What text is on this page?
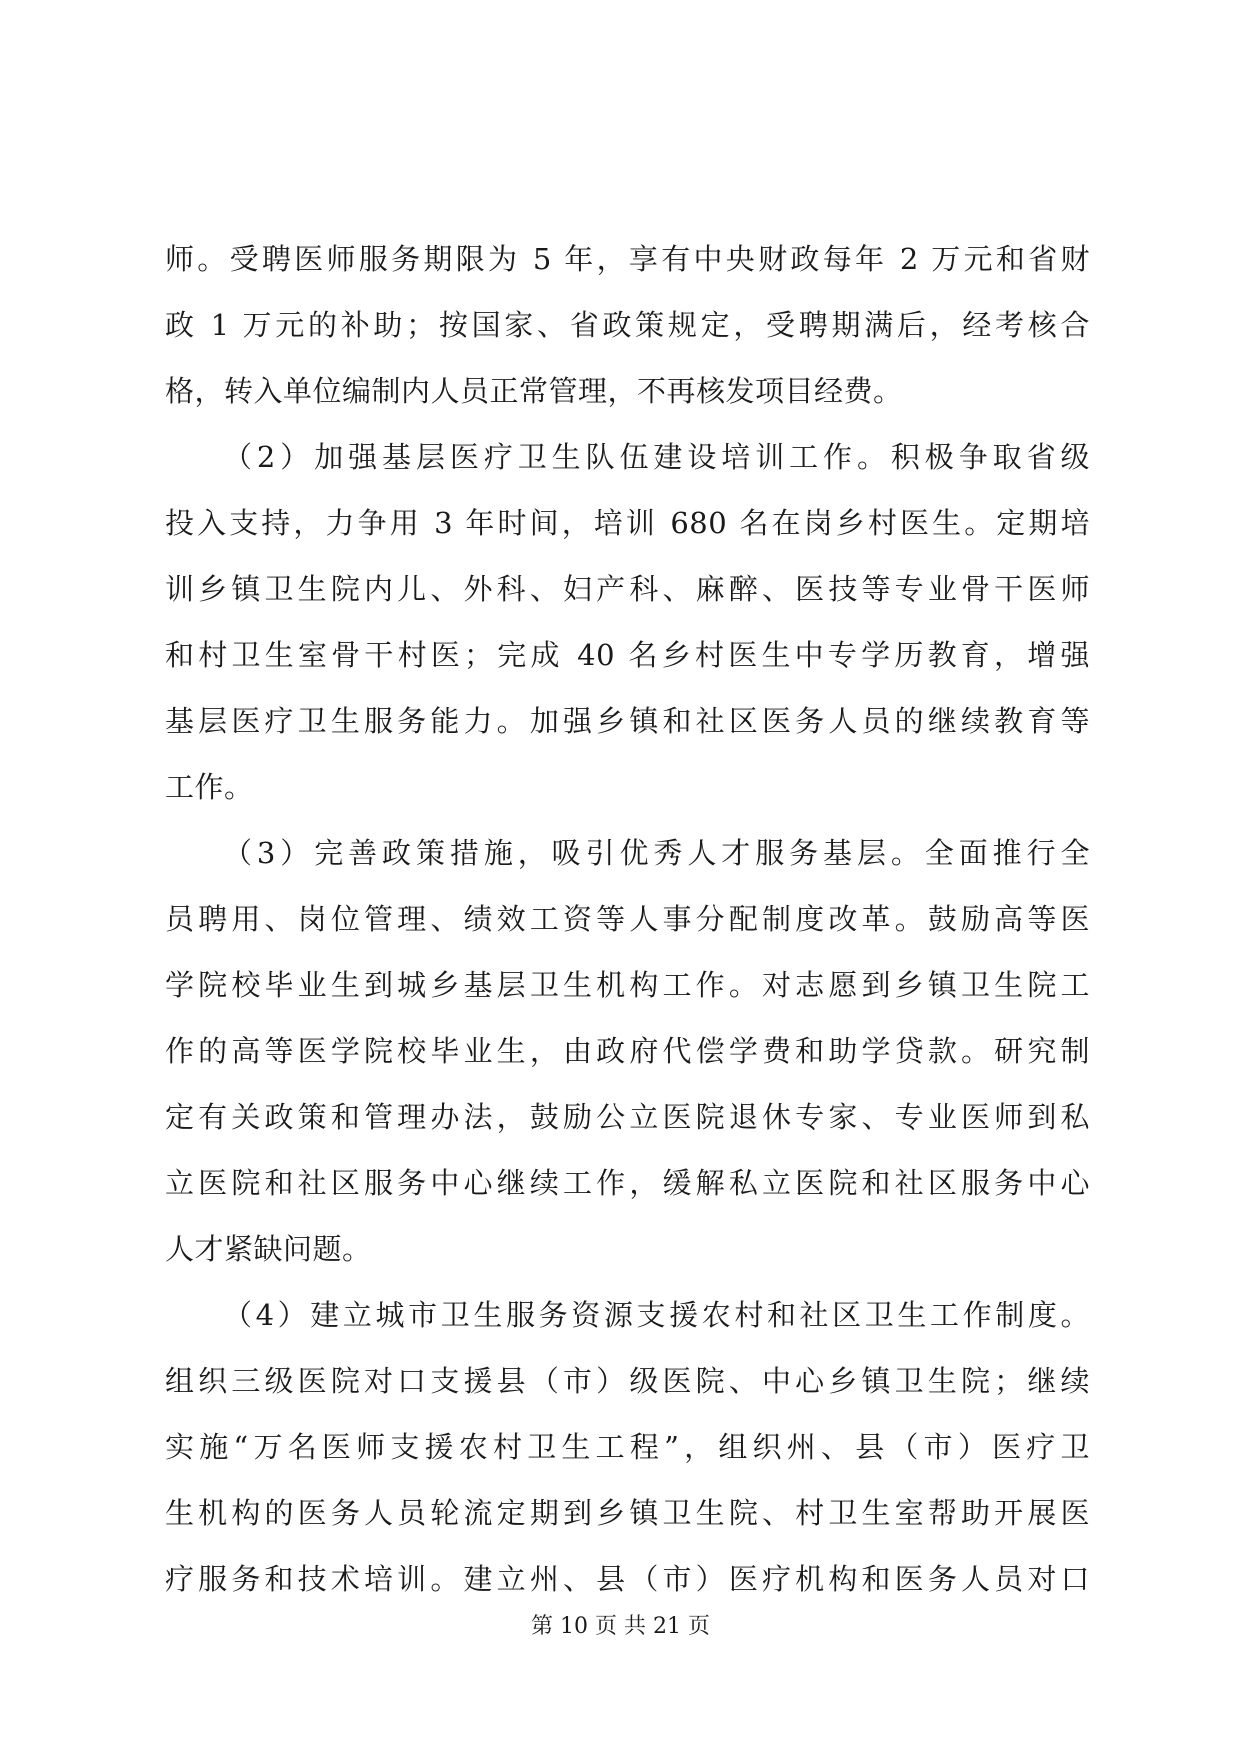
师。受聘医师服务期限为 5 年，享有中央财政每年 2 万元和省财
政 1 万元的补助；按国家、省政策规定，受聘期满后，经考核合
格，转入单位编制内人员正常管理，不再核发项目经费。
（2）加强基层医疗卫生队伍建设培训工作。积极争取省级
投入支持，力争用 3 年时间，培训 680 名在岗乡村医生。定期培
训乡镇卫生院内儿、外科、妇产科、麻醉、医技等专业骨干医师
和村卫生室骨干村医；完成 40 名乡村医生中专学历教育，增强
基层医疗卫生服务能力。加强乡镇和社区医务人员的继续教育等
工作。
（3）完善政策措施，吸引优秀人才服务基层。全面推行全
员聘用、岗位管理、绩效工资等人事分配制度改革。鼓励高等医
学院校毕业生到城乡基层卫生机构工作。对志愿到乡镇卫生院工
作的高等医学院校毕业生，由政府代偿学费和助学贷款。研究制
定有关政策和管理办法，鼓励公立医院退休专家、专业医师到私
立医院和社区服务中心继续工作，缓解私立医院和社区服务中心
人才紧缺问题。
（4）建立城市卫生服务资源支援农村和社区卫生工作制度。
组织三级医院对口支援县（市）级医院、中心乡镇卫生院；继续
实施“万名医师支援农村卫生工程”，组织州、县（市）医疗卫
生机构的医务人员轮流定期到乡镇卫生院、村卫生室帮助开展医
疗服务和技术培训。建立州、县（市）医疗机构和医务人员对口
第 10 页 共 21 页
